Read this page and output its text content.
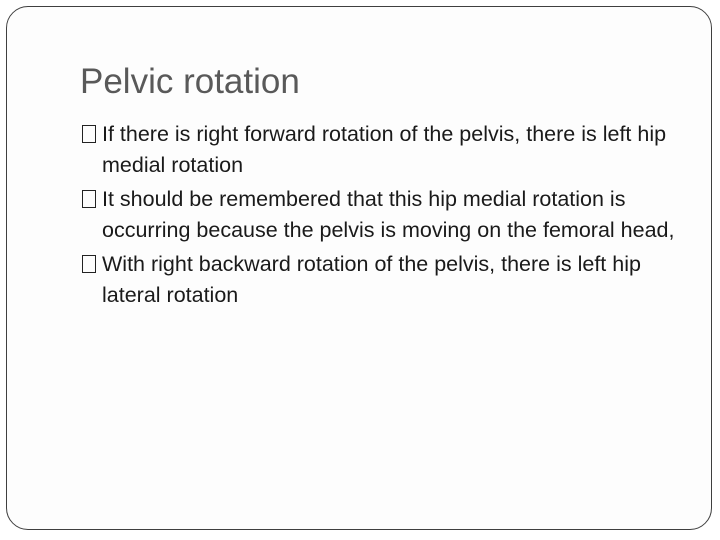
Pelvic rotation
If there is right forward rotation of the pelvis, there is left hip medial rotation
It should be remembered that this hip medial rotation is occurring because the pelvis is moving on the femoral head,
With right backward rotation of the pelvis, there is left hip lateral rotation
